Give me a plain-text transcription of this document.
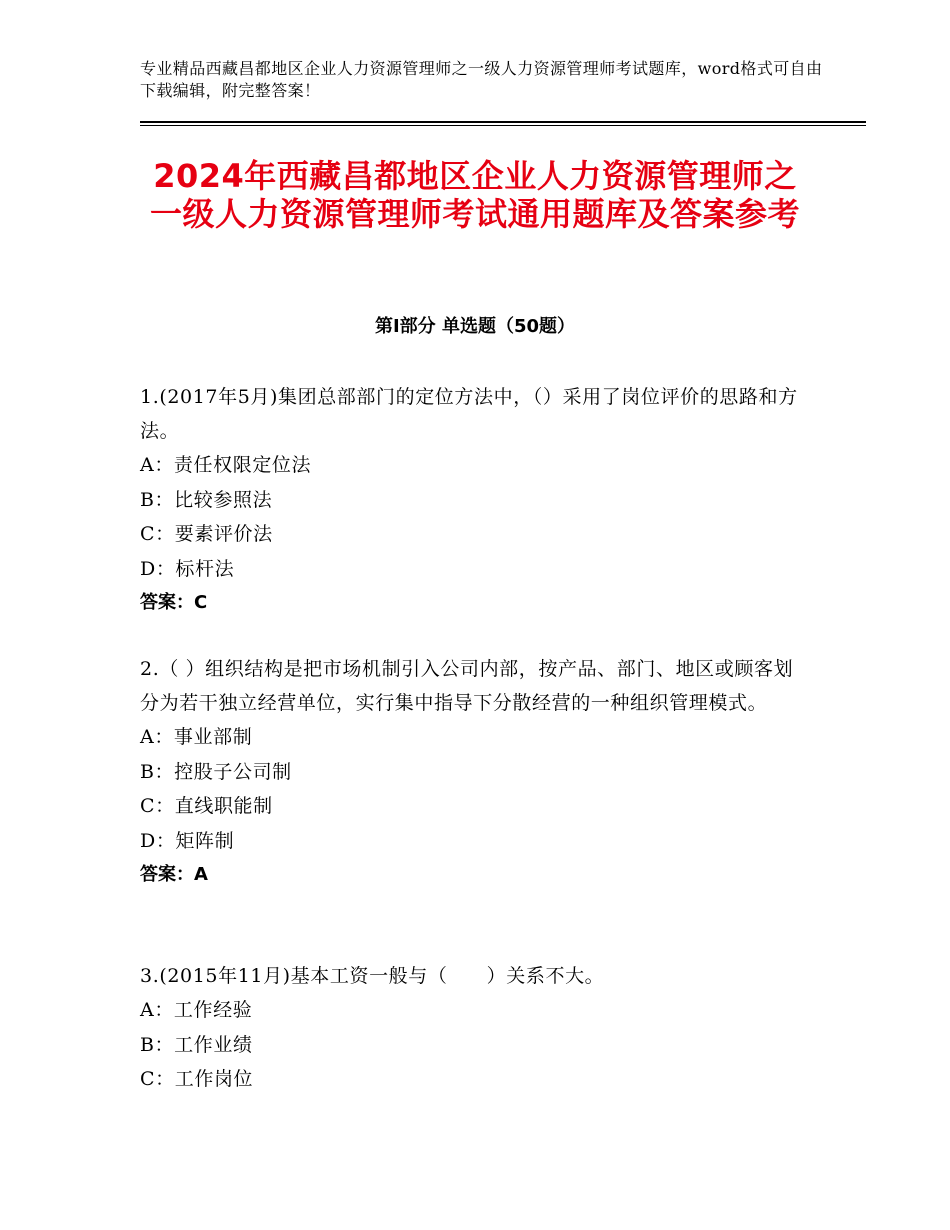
专业精品西藏昌都地区企业人力资源管理师之一级人力资源管理师考试题库，word格式可自由下载编辑，附完整答案！

2024年西藏昌都地区企业人力资源管理师之一级人力资源管理师考试通用题库及答案参考
第Ⅰ部分 单选题（50题）

1.(2017年5月)集团总部部门的定位方法中，（）采用了岗位评价的思路和方法。

A：责任权限定位法

B：比较参照法

C：要素评价法

D：标杆法

答案：C

2.（ ）组织结构是把市场机制引入公司内部，按产品、部门、地区或顾客划分为若干独立经营单位，实行集中指导下分散经营的一种组织管理模式。

A：事业部制

B：控股子公司制

C：直线职能制

D：矩阵制

答案：A

3.(2015年11月)基本工资一般与（　　）关系不大。

A：工作经验

B：工作业绩

C：工作岗位
